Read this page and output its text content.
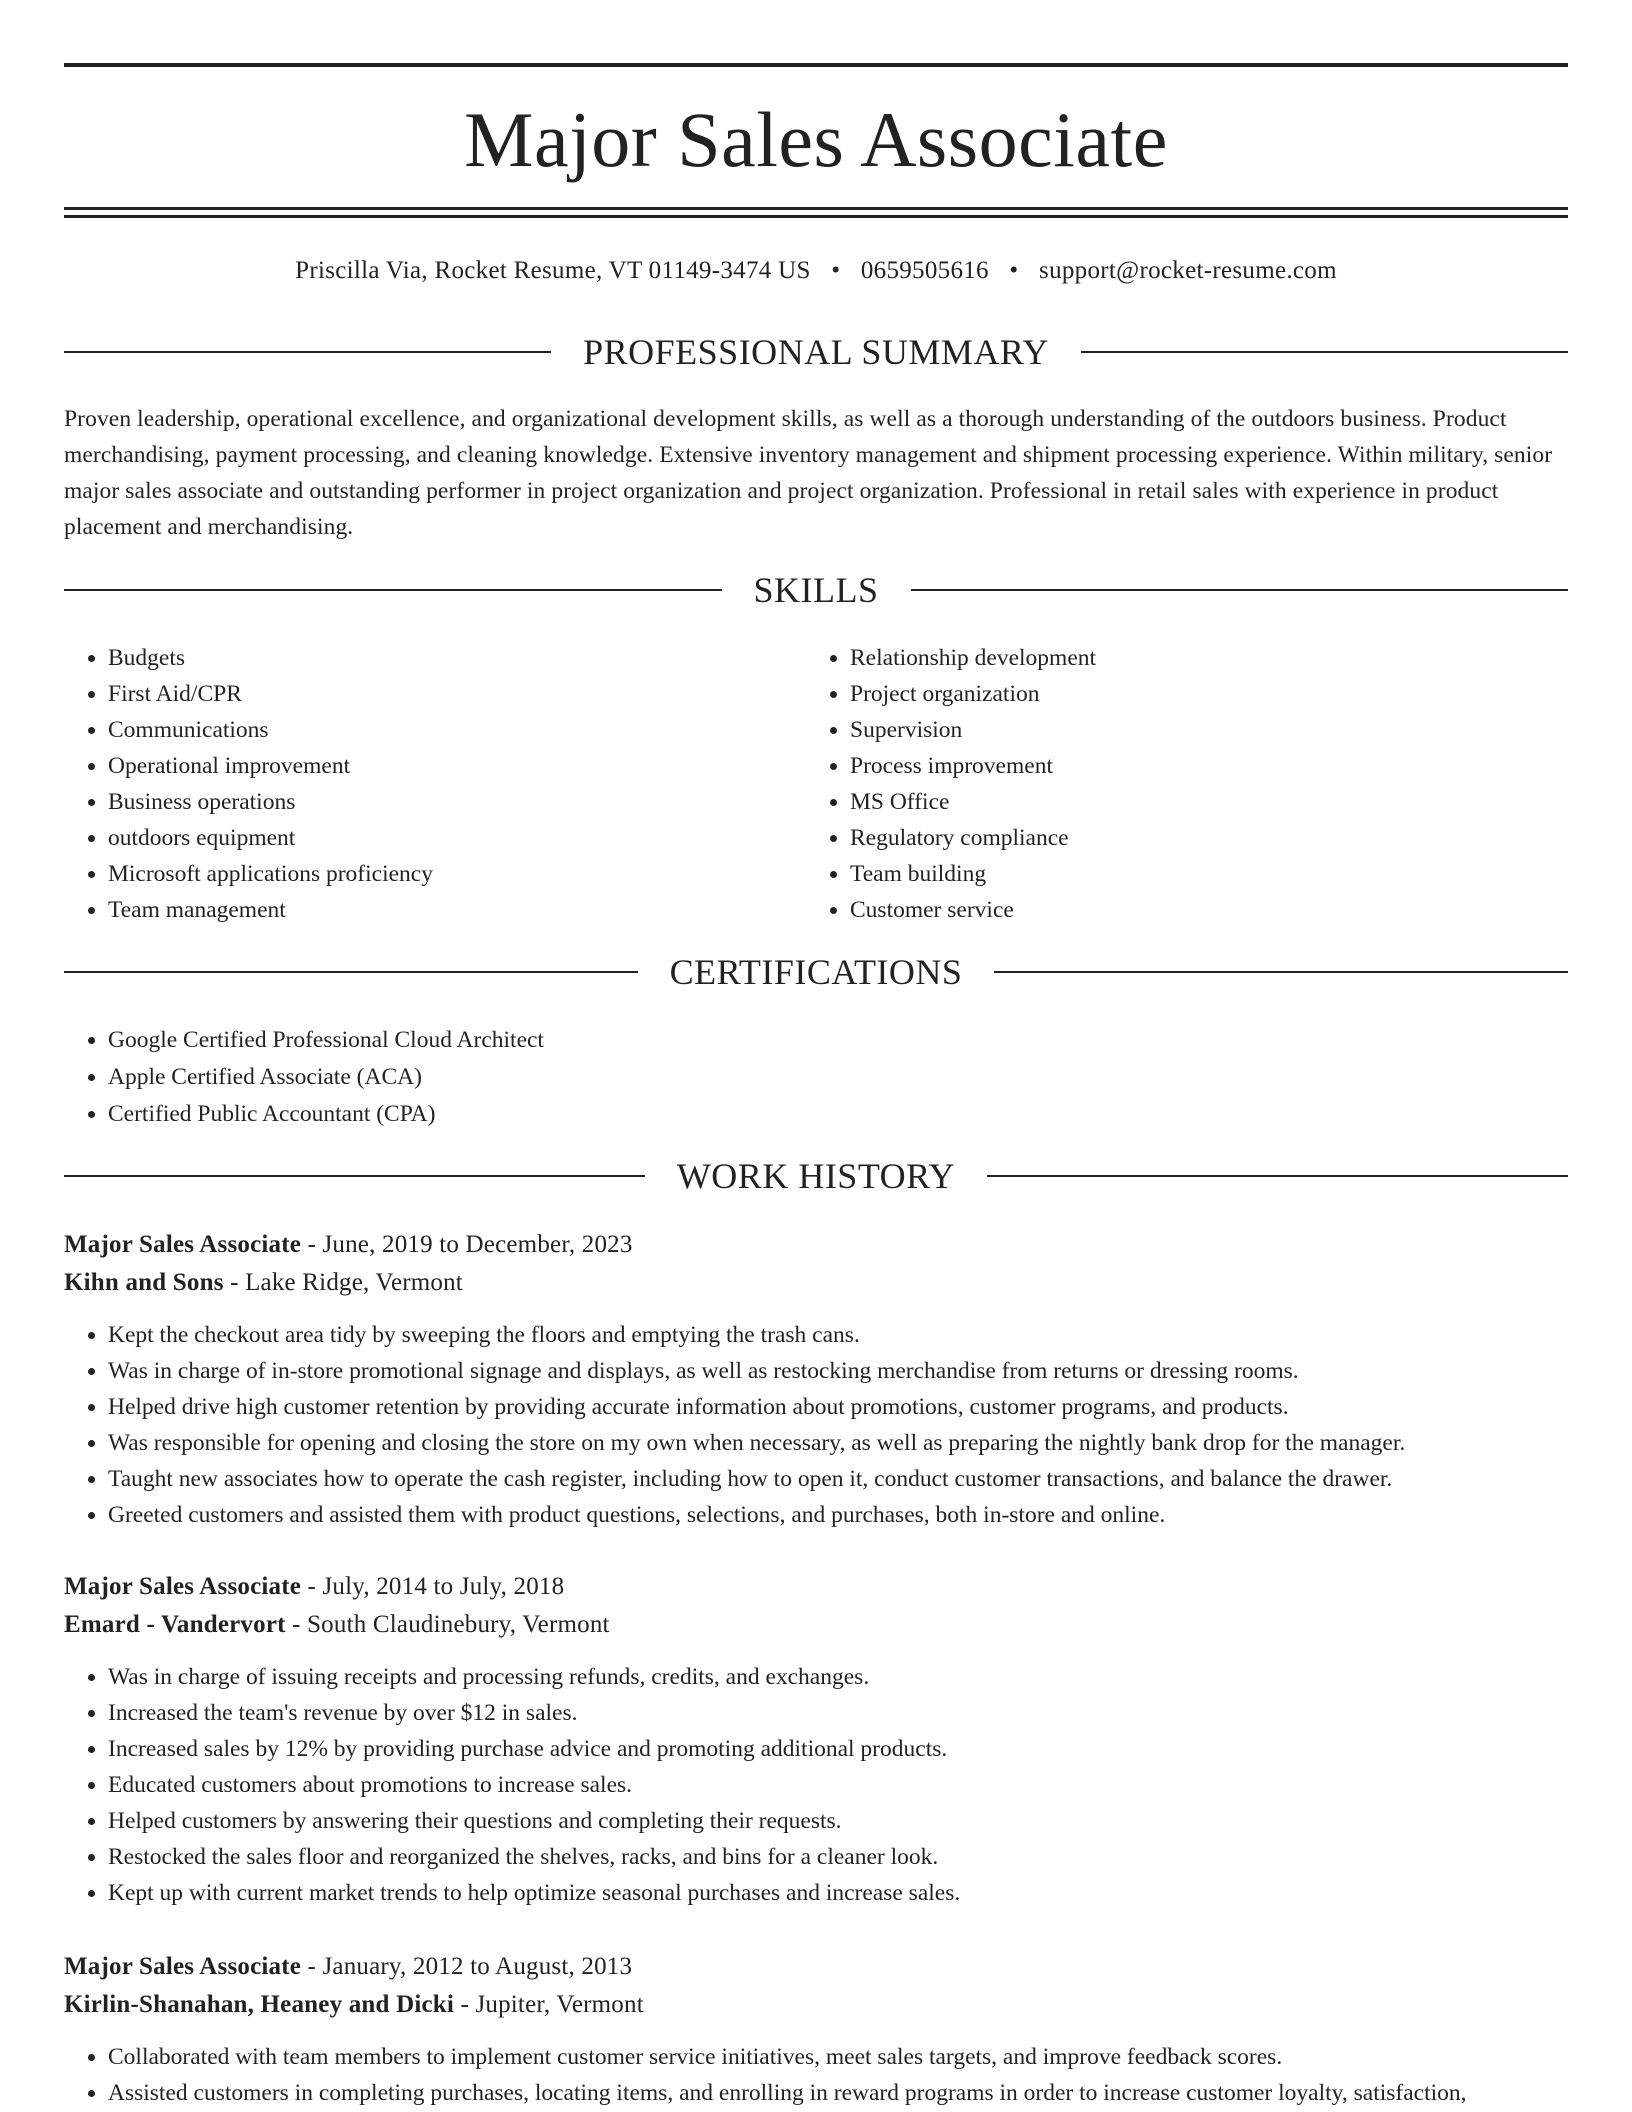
Major Sales Associate
Priscilla Via, Rocket Resume, VT 01149-3474 US • 0659505616 • support@rocket-resume.com
PROFESSIONAL SUMMARY
Proven leadership, operational excellence, and organizational development skills, as well as a thorough understanding of the outdoors business. Product merchandising, payment processing, and cleaning knowledge. Extensive inventory management and shipment processing experience. Within military, senior major sales associate and outstanding performer in project organization and project organization. Professional in retail sales with experience in product placement and merchandising.
SKILLS
• Budgets
• First Aid/CPR
• Communications
• Operational improvement
• Business operations
• outdoors equipment
• Microsoft applications proficiency
• Team management
• Relationship development
• Project organization
• Supervision
• Process improvement
• MS Office
• Regulatory compliance
• Team building
• Customer service
CERTIFICATIONS
• Google Certified Professional Cloud Architect
• Apple Certified Associate (ACA)
• Certified Public Accountant (CPA)
WORK HISTORY
Major Sales Associate - June, 2019 to December, 2023
Kihn and Sons - Lake Ridge, Vermont
• Kept the checkout area tidy by sweeping the floors and emptying the trash cans.
• Was in charge of in-store promotional signage and displays, as well as restocking merchandise from returns or dressing rooms.
• Helped drive high customer retention by providing accurate information about promotions, customer programs, and products.
• Was responsible for opening and closing the store on my own when necessary, as well as preparing the nightly bank drop for the manager.
• Taught new associates how to operate the cash register, including how to open it, conduct customer transactions, and balance the drawer.
• Greeted customers and assisted them with product questions, selections, and purchases, both in-store and online.
Major Sales Associate - July, 2014 to July, 2018
Emard - Vandervort - South Claudinebury, Vermont
• Was in charge of issuing receipts and processing refunds, credits, and exchanges.
• Increased the team's revenue by over $12 in sales.
• Increased sales by 12% by providing purchase advice and promoting additional products.
• Educated customers about promotions to increase sales.
• Helped customers by answering their questions and completing their requests.
• Restocked the sales floor and reorganized the shelves, racks, and bins for a cleaner look.
• Kept up with current market trends to help optimize seasonal purchases and increase sales.
Major Sales Associate - January, 2012 to August, 2013
Kirlin-Shanahan, Heaney and Dicki - Jupiter, Vermont
• Collaborated with team members to implement customer service initiatives, meet sales targets, and improve feedback scores.
• Assisted customers in completing purchases, locating items, and enrolling in reward programs in order to increase customer loyalty, satisfaction,
